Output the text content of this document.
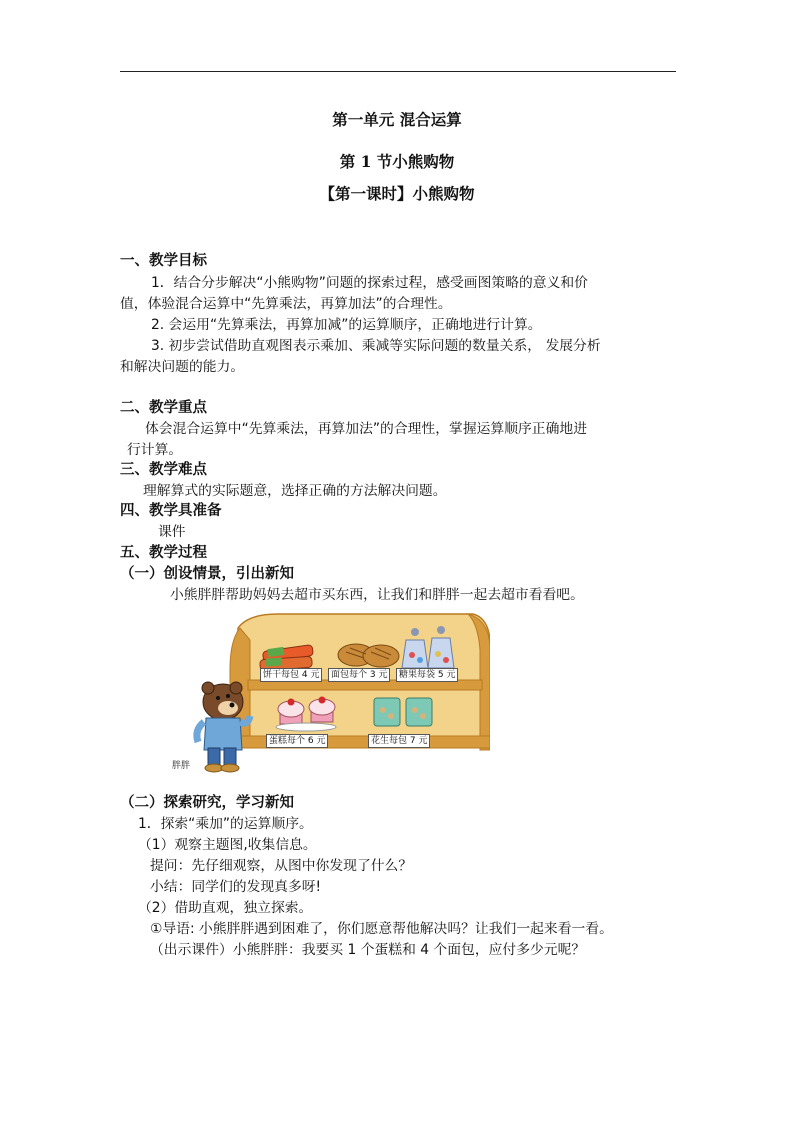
第一单元 混合运算
第 1 节小熊购物
【第一课时】小熊购物
一、教学目标
1．结合分步解决“小熊购物”问题的探索过程，感受画图策略的意义和价
值，体验混合运算中“先算乘法，再算加法”的合理性。
2. 会运用“先算乘法，再算加减”的运算顺序，正确地进行计算。
3. 初步尝试借助直观图表示乘加、乘减等实际问题的数量关系， 发展分析
和解决问题的能力。
二、教学重点
体会混合运算中“先算乘法，再算加法”的合理性，掌握运算顺序正确地进
行计算。
三、教学难点
理解算式的实际题意，选择正确的方法解决问题。
四、教学具准备
课件
五、教学过程
（一）创设情景，引出新知
小熊胖胖帮助妈妈去超市买东西，让我们和胖胖一起去超市看看吧。
饼干每包 4 元	面包每个 3 元	糖果每袋 5 元
蛋糕每个 6 元	花生每包 7 元
胖胖
（二）探索研究，学习新知
1．探索“乘加”的运算顺序。
（1）观察主题图,收集信息。
提问：先仔细观察，从图中你发现了什么？
小结：同学们的发现真多呀!
（2）借助直观，独立探索。
①导语: 小熊胖胖遇到困难了，你们愿意帮他解决吗？让我们一起来看一看。
（出示课件）小熊胖胖：我要买 1 个蛋糕和 4 个面包，应付多少元呢？
